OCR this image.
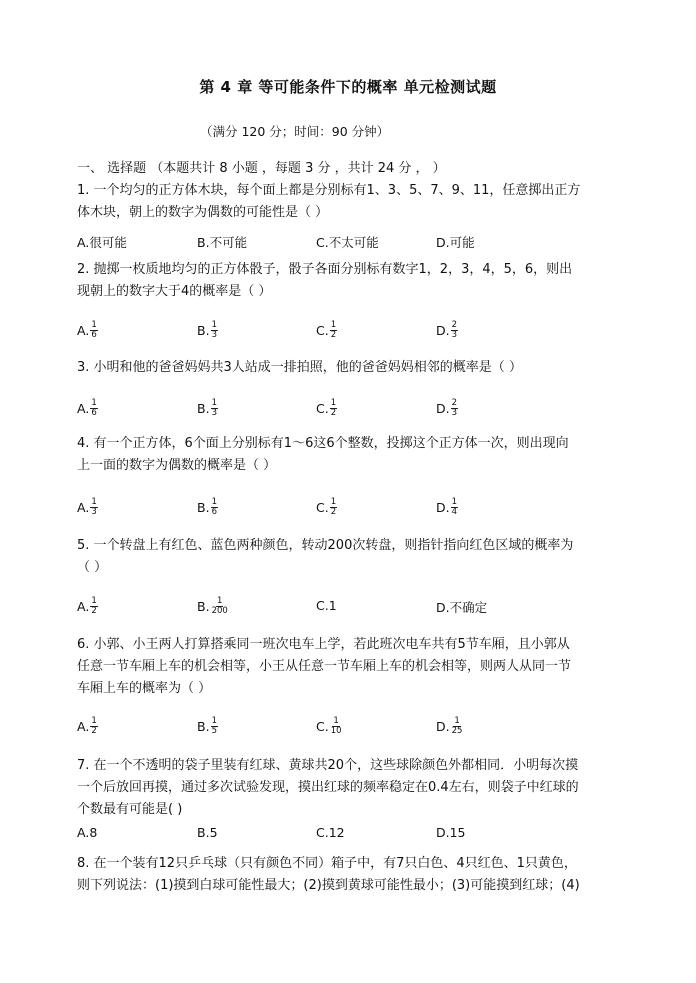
第 4 章 等可能条件下的概率 单元检测试题
（满分 120 分；时间：90 分钟）
一、 选择题 （本题共计 8 小题 ，每题 3 分 ，共计 24 分 ， ）
1. 一个均匀的正方体木块，每个面上都是分别标有1、3、5、7、9、11，任意掷出正方
体木块，朝上的数字为偶数的可能性是（ ）
A.很可能	B.不可能	C.不太可能	D.可能
2. 抛掷一枚质地均匀的正方体骰子，骰子各面分别标有数字1，2，3，4，5，6，则出
现朝上的数字大于4的概率是（ ）
A. $\frac{1}{6}$	B. $\frac{1}{3}$	C. $\frac{1}{2}$	D. $\frac{2}{3}$
3. 小明和他的爸爸妈妈共3人站成一排拍照，他的爸爸妈妈相邻的概率是（ ）
A. $\frac{1}{6}$	B. $\frac{1}{3}$	C. $\frac{1}{2}$	D. $\frac{2}{3}$
4. 有一个正方体，6个面上分别标有1～6这6个整数，投掷这个正方体一次，则出现向
上一面的数字为偶数的概率是（ ）
A. $\frac{1}{3}$	B. $\frac{1}{6}$	C. $\frac{1}{2}$	D. $\frac{1}{4}$
5. 一个转盘上有红色、蓝色两种颜色，转动200次转盘，则指针指向红色区域的概率为
（ ）
A. $\frac{1}{2}$	B. $\frac{1}{200}$	C.1	D.不确定
6. 小郭、小王两人打算搭乘同一班次电车上学，若此班次电车共有5节车厢，且小郭从
任意一节车厢上车的机会相等，小王从任意一节车厢上车的机会相等，则两人从同一节
车厢上车的概率为（ ）
A. $\frac{1}{2}$	B. $\frac{1}{5}$	C. $\frac{1}{10}$	D. $\frac{1}{25}$
7. 在一个不透明的袋子里装有红球、黄球共20个，这些球除颜色外都相同．小明每次摸
一个后放回再摸，通过多次试验发现，摸出红球的频率稳定在0.4左右，则袋子中红球的
个数最有可能是( )
A.8	B.5	C.12	D.15
8. 在一个装有12只乒乓球（只有颜色不同）箱子中，有7只白色、4只红色、1只黄色，
则下列说法：(1)摸到白球可能性最大；(2)摸到黄球可能性最小；(3)可能摸到红球；(4)
